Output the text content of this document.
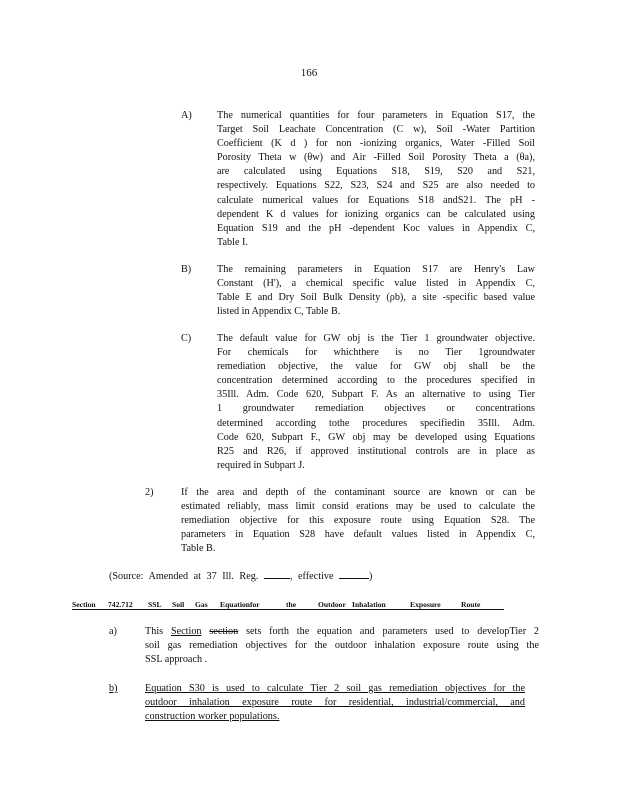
166
A) The numerical quantities for four parameters in Equation S17, the
Target Soil Leachate Concentration (C w), Soil -Water Partition
Coefficient (K d ) for non -ionizing organics, Water -Filled Soil
Porosity Theta w (θw) and Air -Filled Soil Porosity Theta a (θa),
are calculated using Equations S18, S19, S20 and S21,
respectively. Equations S22, S23, S24 and S25 are also needed to
calculate numerical values for Equations S18 andS21. The pH -
dependent K d values for ionizing organics can be calculated using
Equation S19 and the pH -dependent Koc values in Appendix C,
Table I.
B)	The remaining parameters in Equation S17 are Henry's Law
Constant (H'), a chemical specific value listed in Appendix C,
Table E and Dry Soil Bulk Density (ρb), a site -specific based value
listed in Appendix C, Table B.
C)	The default value for GW obj is the Tier 1 groundwater objective.
For chemicals for whichthere is no Tier 1groundwater
remediation objective, the value for GW obj shall be the
concentration determined according to the procedures specified in
35Ill. Adm. Code 620, Subpart F. As an alternative to using Tier
1 groundwater remediation objectives or concentrations
determined according tothe procedures specifiedin 35Ill. Adm.
Code 620, Subpart F., GW obj may be developed using Equations
R25 and R26, if approved institutional controls are in place as
required in Subpart J.
2)	If the area and depth of the contaminant source are known or can be
estimated reliably, mass limit consid erations may be used to calculate the
remediation objective for this exposure route using Equation S28. The
parameters in Equation S28 have default values listed in Appendix C,
Table B.
(Source: Amended at 37 Ill. Reg.	, effective	)
Section 742.712 SSL Soil Gas Equationfor	the	Outdoor Inhalation	Exposure	Route
a)	This Section section sets forth the equation and parameters used to developTier 2
soil gas remediation objectives for the outdoor inhalation exposure route using the
SSL approach .
b)	Equation S30 is used to calculate Tier 2 soil gas remediation objectives for the
outdoor inhalation exposure route for residential, industrial/commercial, and
construction worker populations.
